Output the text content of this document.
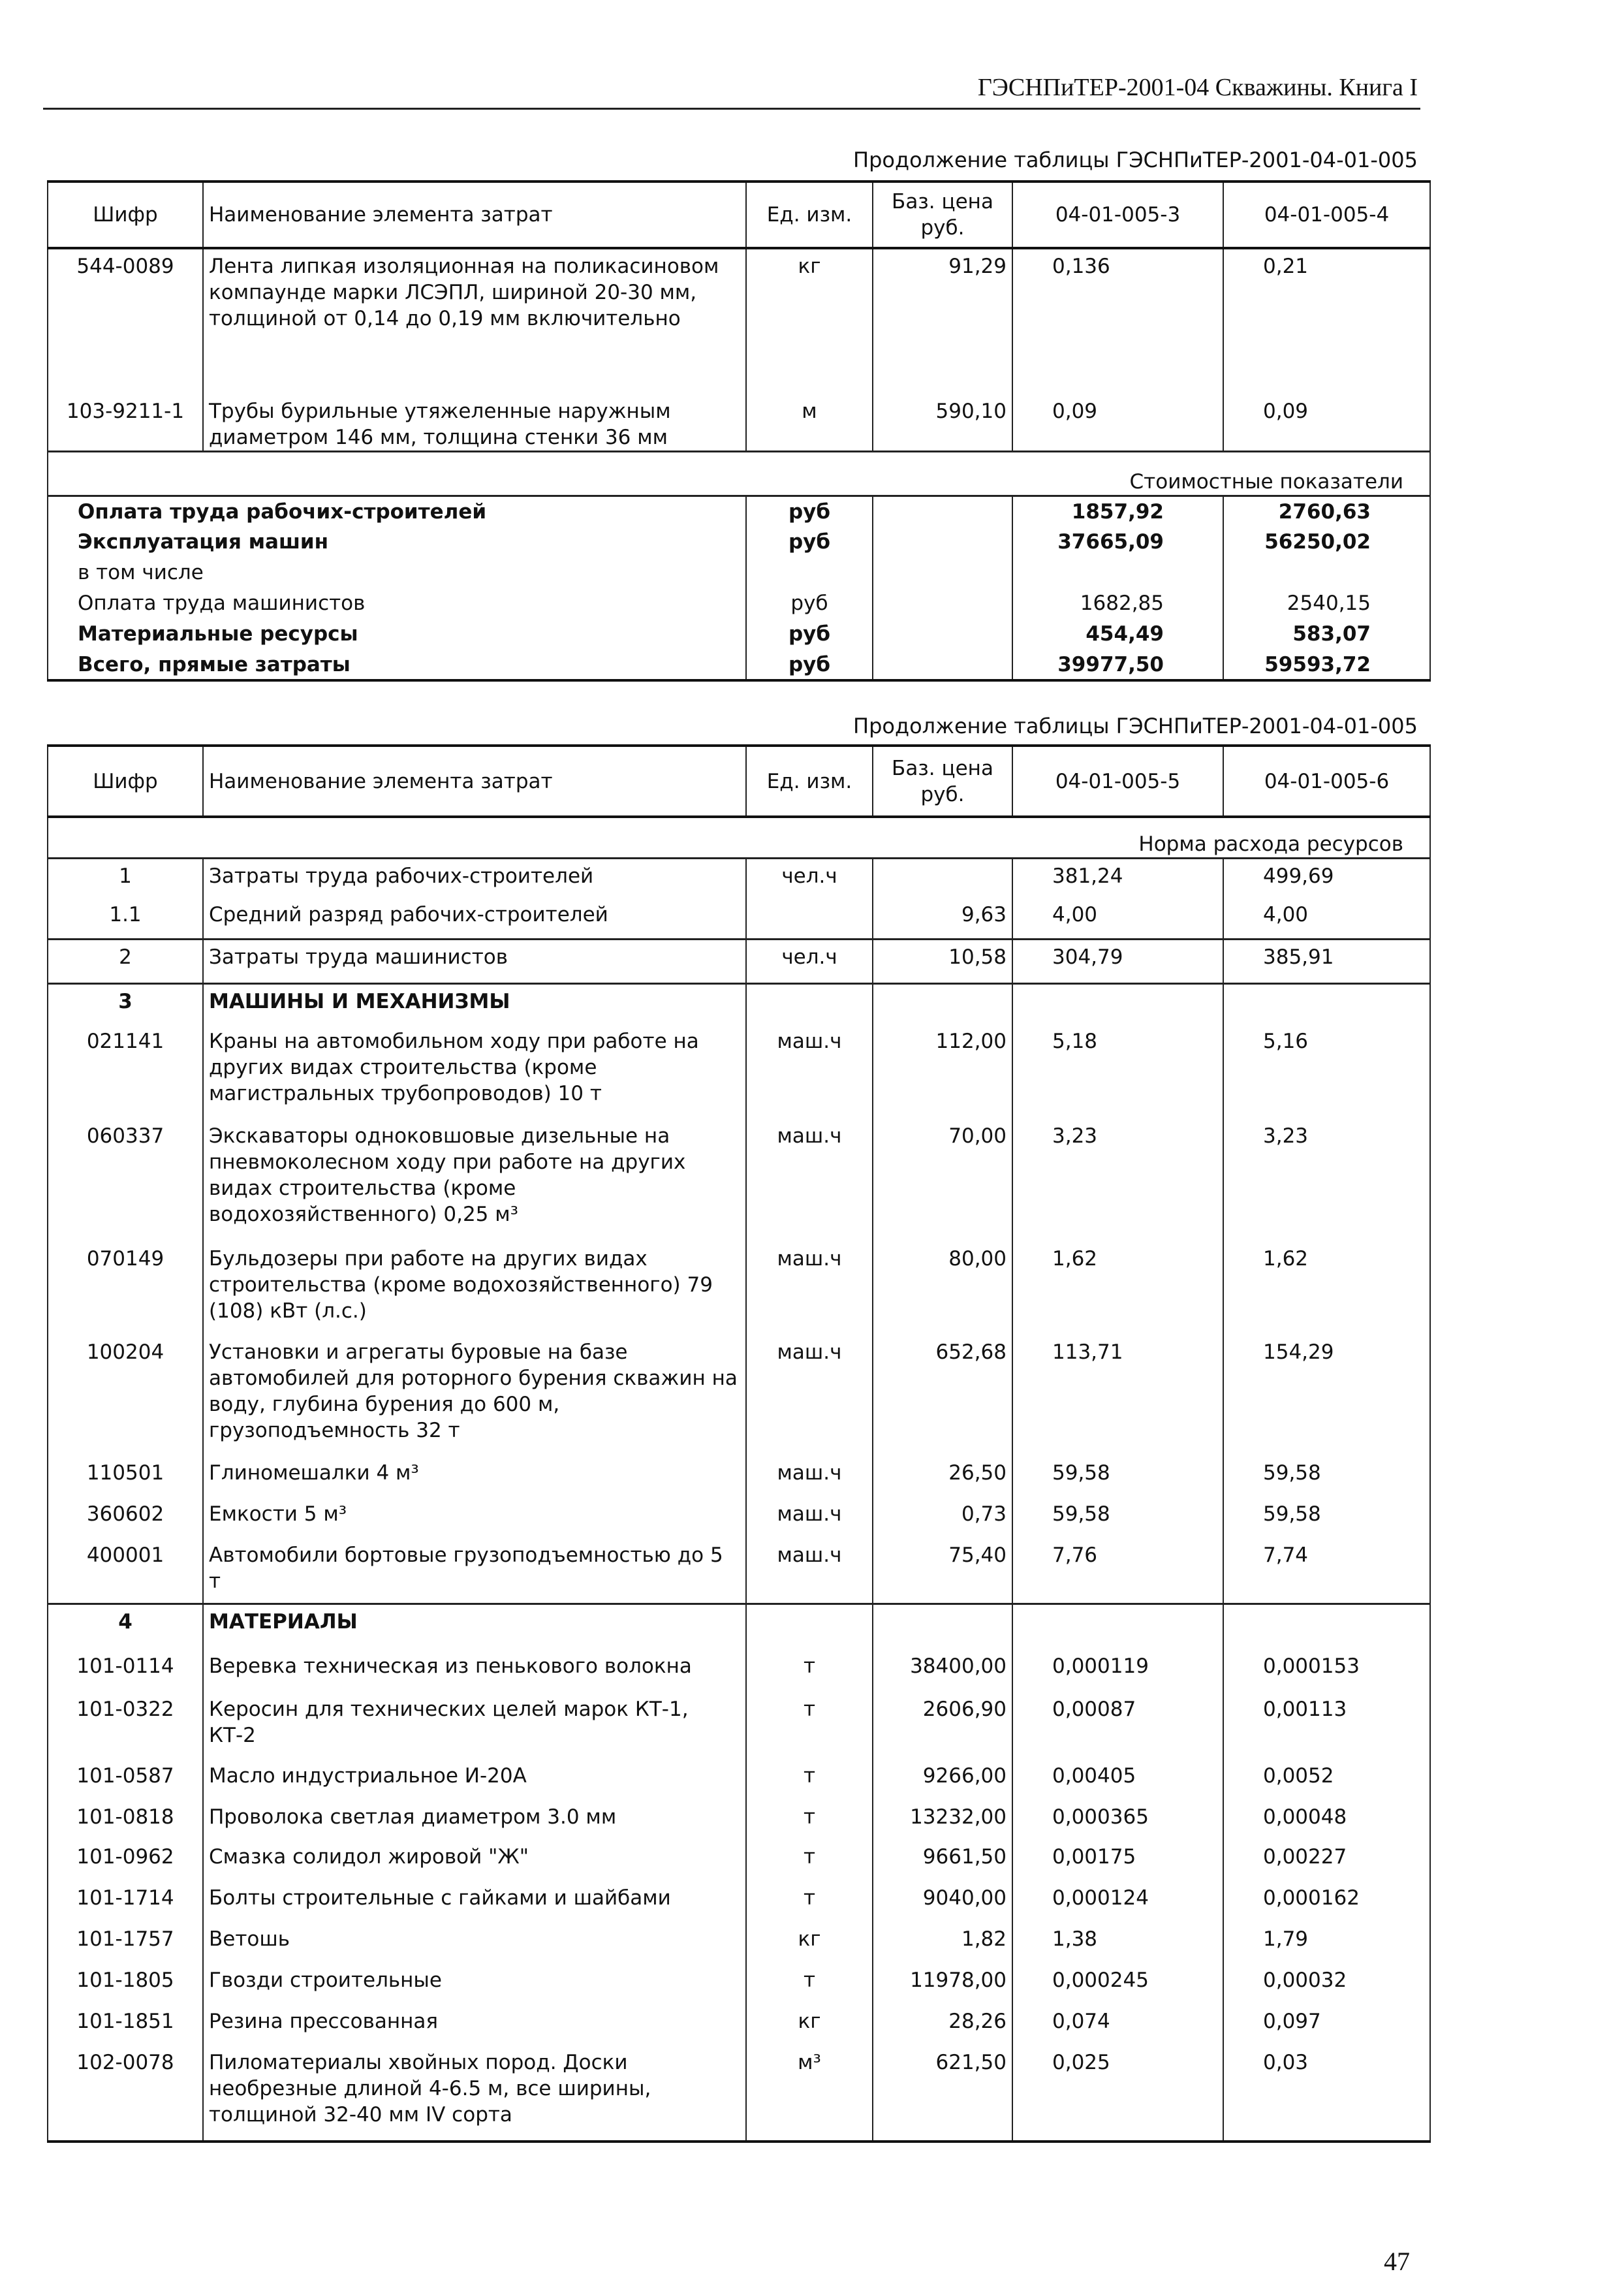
ГЭСНПиТЕР-2001-04 Скважины. Книга I
Продолжение таблицы ГЭСНПиТЕР-2001-04-01-005
Шифр	Наименование элемента затрат	Ед. изм.	Баз. цена руб.	04-01-005-3	04-01-005-4
544-0089	Лента липкая изоляционная на поликасиновом компаунде марки ЛСЭПЛ, шириной 20-30 мм, толщиной от 0,14 до 0,19 мм включительно	кг	91,29	0,136	0,21
103-9211-1	Трубы бурильные утяжеленные наружным диаметром 146 мм, толщина стенки 36 мм	м	590,10	0,09	0,09
Стоимостные показатели					
Оплата труда рабочих-строителей		руб		1857,92	2760,63
Эксплуатация машин		руб		37665,09	56250,02
в том числе					
Оплата труда машинистов		руб		1682,85	2540,15
Материальные ресурсы		руб		454,49	583,07
Всего, прямые затраты		руб		39977,50	59593,72
Продолжение таблицы ГЭСНПиТЕР-2001-04-01-005
Шифр	Наименование элемента затрат	Ед. изм.	Баз. цена руб.	04-01-005-5	04-01-005-6
Норма расхода ресурсов					
1	Затраты труда рабочих-строителей	чел.ч		381,24	499,69
1.1	Средний разряд рабочих-строителей		9,63	4,00	4,00
2	Затраты труда машинистов	чел.ч	10,58	304,79	385,91
3	МАШИНЫ И МЕХАНИЗМЫ				
021141	Краны на автомобильном ходу при работе на других видах строительства (кроме магистральных трубопроводов) 10 т	маш.ч	112,00	5,18	5,16
060337	Экскаваторы одноковшовые дизельные на пневмоколесном ходу при работе на других видах строительства (кроме водохозяйственного) 0,25 м³	маш.ч	70,00	3,23	3,23
070149	Бульдозеры при работе на других видах строительства (кроме водохозяйственного) 79 (108) кВт (л.с.)	маш.ч	80,00	1,62	1,62
100204	Установки и агрегаты буровые на базе автомобилей для роторного бурения скважин на воду, глубина бурения до 600 м, грузоподъемность 32 т	маш.ч	652,68	113,71	154,29
110501	Глиномешалки 4 м³	маш.ч	26,50	59,58	59,58
360602	Емкости 5 м³	маш.ч	0,73	59,58	59,58
400001	Автомобили бортовые грузоподъемностью до 5 т	маш.ч	75,40	7,76	7,74
4	МАТЕРИАЛЫ				
101-0114	Веревка техническая из пенькового волокна	т	38400,00	0,000119	0,000153
101-0322	Керосин для технических целей марок КТ-1, КТ-2	т	2606,90	0,00087	0,00113
101-0587	Масло индустриальное И-20А	т	9266,00	0,00405	0,0052
101-0818	Проволока светлая диаметром 3.0 мм	т	13232,00	0,000365	0,00048
101-0962	Смазка солидол жировой "Ж"	т	9661,50	0,00175	0,00227
101-1714	Болты строительные с гайками и шайбами	т	9040,00	0,000124	0,000162
101-1757	Ветошь	кг	1,82	1,38	1,79
101-1805	Гвозди строительные	т	11978,00	0,000245	0,00032
101-1851	Резина прессованная	кг	28,26	0,074	0,097
102-0078	Пиломатериалы хвойных пород. Доски необрезные длиной 4-6.5 м, все ширины, толщиной 32-40 мм IV сорта	м³	621,50	0,025	0,03
47
